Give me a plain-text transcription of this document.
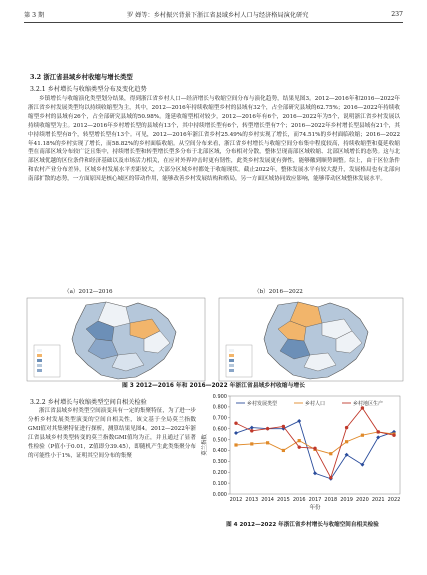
第 3 期	罗 婵等：乡村振兴背景下浙江省县域乡村人口与经济格局演化研究	237
3.2 浙江省县域乡村收缩与增长类型
3.2.1 乡村增长与收缩类型分布及变化趋势
乡镇增长与收缩演化类型划分结果，得到浙江省乡村人口—经济增长与收缩空间分布与演化趋势，结果见图3。2012—2016年和2016—2022年浙江省乡村发展类型均以持续收缩型为主，其中，2012—2016年持续收缩型乡村的县域有32个，占全部研究县域的62.75%；2016—2022年持续收缩型乡村的县域有26个，占全部研究县域的50.98%。蓬延收缩型相对较少，2012—2016年有6个，2016—2022年为5个，说明浙江省乡村发展以持续收缩型为主。2012—2016年乡村增长型的县域有13个，其中持续增长型有6个，转型增长型有7个；2016—2022年乡村增长型县域有21个，其中持续增长型有8个，转型增长型有13个。可见，2012—2016年浙江省乡村25.49%的乡村实现了增长，而74.51%的乡村面临收缩；2016—2022年41.18%的乡村实现了增长，而58.82%的乡村面临收缩。从空间分布来看，浙江省乡村增长与收缩空间分布集中程度较高，持续收缩型和蔓延收缩型在南部区域分布较广泛且集中，持续增长型和转型增长型多分布于北部区域，分布相对分散，整体呈现南部区域收缩、北部区域增长的态势。这与北部区域优越的区位条件和经济基础以及市场活力相关，在应对外界冲击时更有韧性，此类乡村发展更有弹性，能够徽到顺势调整。综上，由于区位条件和农村产业分布差异，区域乡村发展水平差距较大，大部分区域乡村都处于收缩现状。截止2022年，整体发展水平有较大提升，发展格局也有北部向南部扩散的态势，一方面原因是核心城区的带动作用，能够改善乡村发展结构和格局，另一方面区域协同效应影响，能够带动区域整体发展水平。
（a）2012—2016	（b）2016—2022
图 3 2012—2016 年和 2016—2022 年浙江省县域乡村收缩与增长
3.2.2 乡村增长与收缩类型空间自相关检验
浙江省县域乡村类型空间演变具有一定的集聚特征，为了进一步分析乡村发展类型演变的空间自相关性，该文基于全局莫兰指数GMI值对其集聚特征进行探析，测算结果见图4。2012—2022年浙江省县域乡村类型转变的莫兰指数GMI值均为正，并且通过了显著性检验（P值小于0.01，Z值即分39.45），即随机产生此类集聚分布的可能性小于1%，证明其空间分布的集聚
0.000
0.100
0.200
0.300
0.400
0.500
0.600
0.700
0.800
0.900
2012 2013 2014 2015 2016 2017 2018 2019 2020 2021 2022
年份
莫兰指数
乡村发展类型	乡村人口	乡村地区生产
图 4 2012—2022 年浙江省乡村增长与收缩空间自相关检验
